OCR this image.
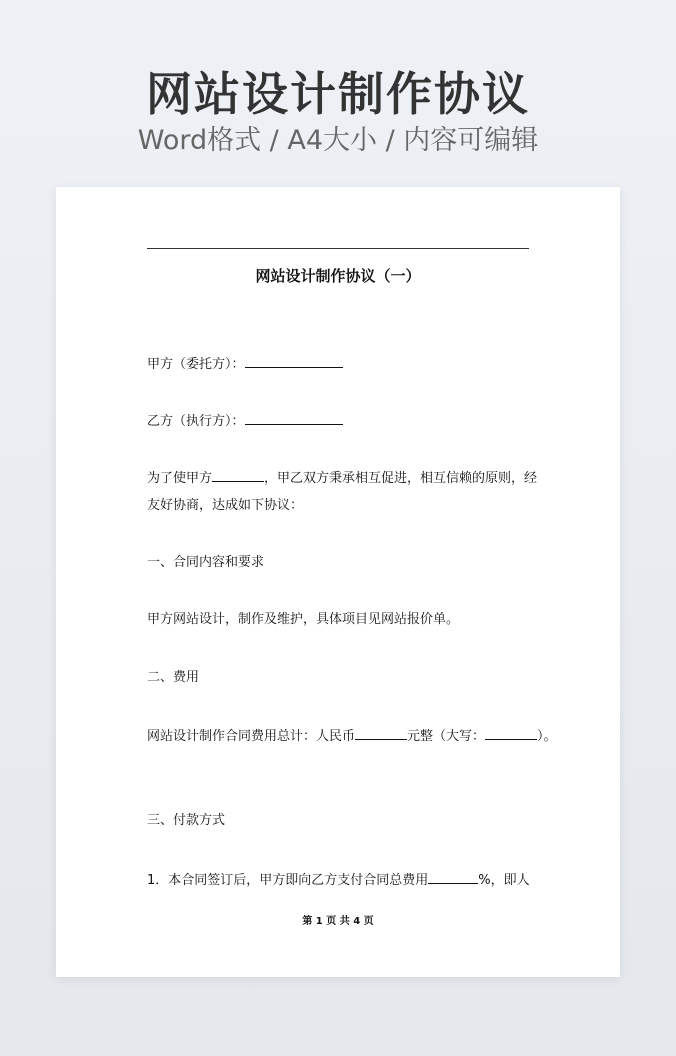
网站设计制作协议
Word格式 / A4大小 / 内容可编辑
网站设计制作协议（一）
甲方（委托方）：
乙方（执行方）：
为了使甲方	，甲乙双方秉承相互促进，相互信赖的原则，经
友好协商，达成如下协议：
一、合同内容和要求
甲方网站设计，制作及维护，具体项目见网站报价单。
二、费用
网站设计制作合同费用总计：人民币	元整（大写：	）。
三、付款方式
1．本合同签订后，甲方即向乙方支付合同总费用	%，即人
第 1 页 共 4 页
